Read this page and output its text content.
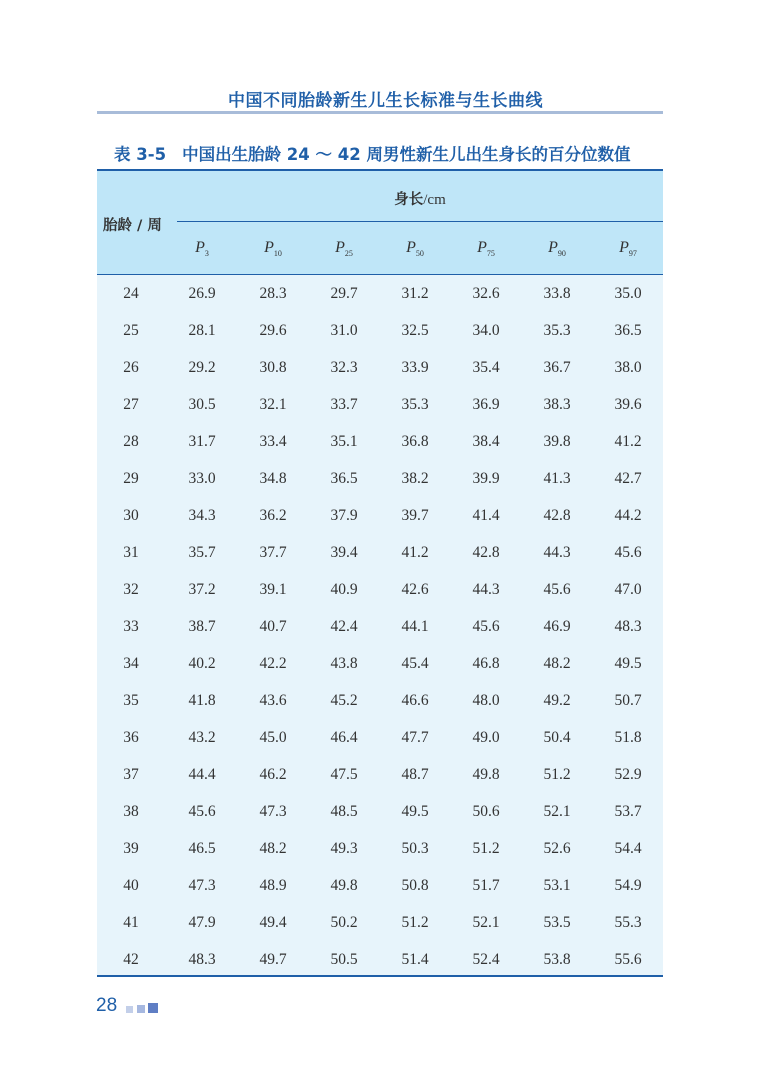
中国不同胎龄新生儿生长标准与生长曲线
表 3-5 中国出生胎龄 24 ～ 42 周男性新生儿出生身长的百分位数值
胎龄 / 周
身长/cm
$P_3$	$P_{10}$	$P_{25}$	$P_{50}$	$P_{75}$	$P_{90}$	$P_{97}$
24	26.9	28.3	29.7	31.2	32.6	33.8	35.0
25	28.1	29.6	31.0	32.5	34.0	35.3	36.5
26	29.2	30.8	32.3	33.9	35.4	36.7	38.0
27	30.5	32.1	33.7	35.3	36.9	38.3	39.6
28	31.7	33.4	35.1	36.8	38.4	39.8	41.2
29	33.0	34.8	36.5	38.2	39.9	41.3	42.7
30	34.3	36.2	37.9	39.7	41.4	42.8	44.2
31	35.7	37.7	39.4	41.2	42.8	44.3	45.6
32	37.2	39.1	40.9	42.6	44.3	45.6	47.0
33	38.7	40.7	42.4	44.1	45.6	46.9	48.3
34	40.2	42.2	43.8	45.4	46.8	48.2	49.5
35	41.8	43.6	45.2	46.6	48.0	49.2	50.7
36	43.2	45.0	46.4	47.7	49.0	50.4	51.8
37	44.4	46.2	47.5	48.7	49.8	51.2	52.9
38	45.6	47.3	48.5	49.5	50.6	52.1	53.7
39	46.5	48.2	49.3	50.3	51.2	52.6	54.4
40	47.3	48.9	49.8	50.8	51.7	53.1	54.9
41	47.9	49.4	50.2	51.2	52.1	53.5	55.3
42	48.3	49.7	50.5	51.4	52.4	53.8	55.6
28
